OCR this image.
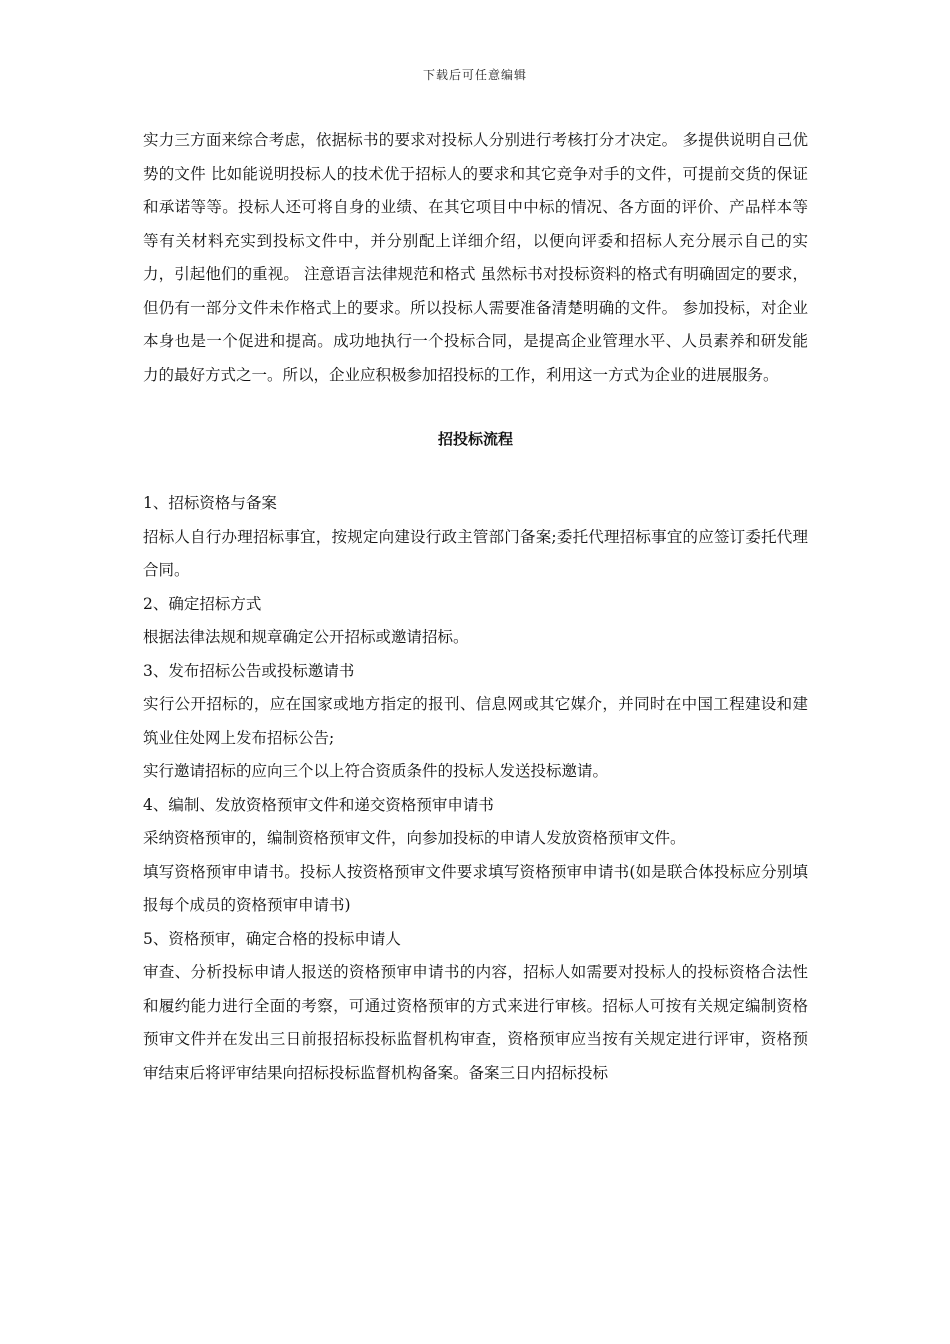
下载后可任意编辑

实力三方面来综合考虑，依据标书的要求对投标人分别进行考核打分才决定。 多提供说明自己优势的文件 比如能说明投标人的技术优于招标人的要求和其它竞争对手的文件，可提前交货的保证和承诺等等。投标人还可将自身的业绩、在其它项目中中标的情况、各方面的评价、产品样本等等有关材料充实到投标文件中，并分别配上详细介绍，以便向评委和招标人充分展示自己的实力，引起他们的重视。 注意语言法律规范和格式 虽然标书对投标资料的格式有明确固定的要求，但仍有一部分文件未作格式上的要求。所以投标人需要准备清楚明确的文件。 参加投标，对企业本身也是一个促进和提高。成功地执行一个投标合同，是提高企业管理水平、人员素养和研发能力的最好方式之一。所以，企业应积极参加招投标的工作，利用这一方式为企业的进展服务。

招投标流程

1、招标资格与备案

招标人自行办理招标事宜，按规定向建设行政主管部门备案;委托代理招标事宜的应签订委托代理合同。

2、确定招标方式

根据法律法规和规章确定公开招标或邀请招标。

3、发布招标公告或投标邀请书

实行公开招标的，应在国家或地方指定的报刊、信息网或其它媒介，并同时在中国工程建设和建筑业住处网上发布招标公告;

实行邀请招标的应向三个以上符合资质条件的投标人发送投标邀请。

4、编制、发放资格预审文件和递交资格预审申请书

采纳资格预审的，编制资格预审文件，向参加投标的申请人发放资格预审文件。

填写资格预审申请书。投标人按资格预审文件要求填写资格预审申请书(如是联合体投标应分别填报每个成员的资格预审申请书)

5、资格预审，确定合格的投标申请人

审查、分析投标申请人报送的资格预审申请书的内容，招标人如需要对投标人的投标资格合法性和履约能力进行全面的考察，可通过资格预审的方式来进行审核。招标人可按有关规定编制资格预审文件并在发出三日前报招标投标监督机构审查，资格预审应当按有关规定进行评审，资格预审结束后将评审结果向招标投标监督机构备案。备案三日内招标投标
